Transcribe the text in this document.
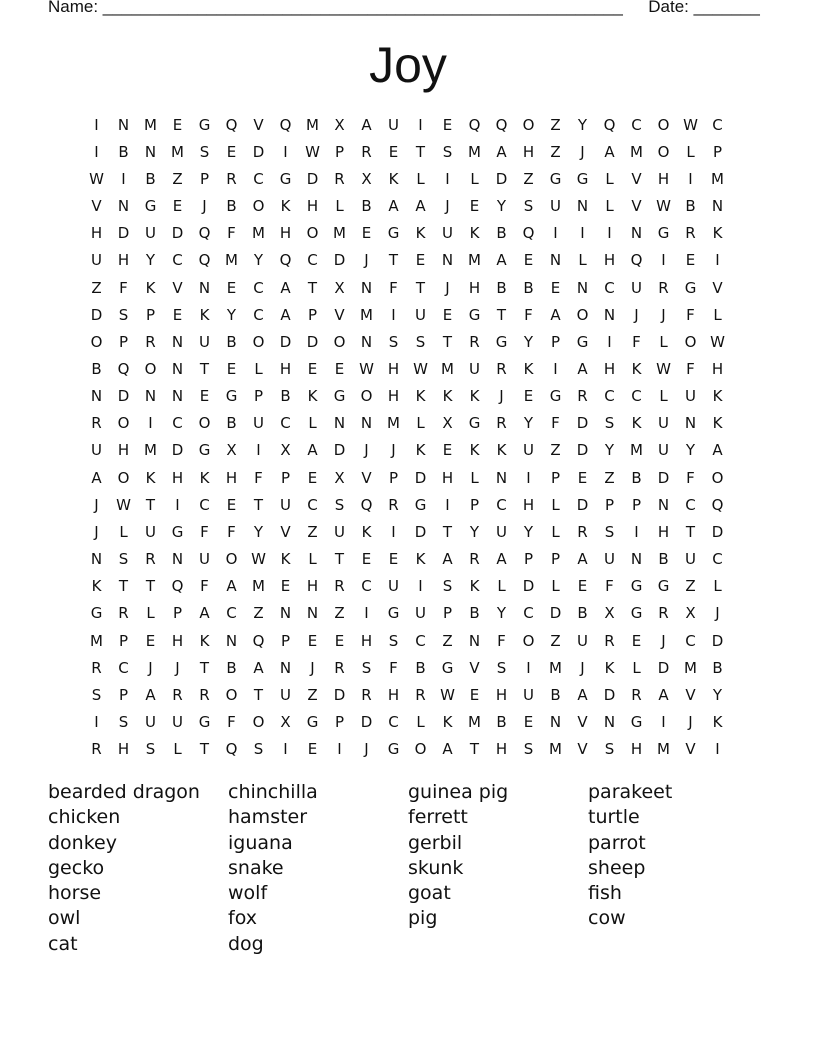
Name: _______________________________________________________ Date: _______
Joy
I	N M	E	G	Q	V	Q M	X	A	U	I	E	Q	Q	O	Z	Y	Q	C	O W C
I	B	N M	S	E	D	I	W	P	R	E	T	S	M	A	H	Z	J	A	M O	L	P
W	I	B	Z	P	R	C	G	D	R	X	K	L	I	L	D	Z	G	G	L	V	H	I	M
V	N	G	E	J	B	O	K	H	L	B	A	A	J	E	Y	S	U	N	L	V W B	N
H	D	U	D	Q	F	M H	O M	E	G	K	U	K	B	Q	I	I	I	N	G	R	K
U	H	Y	C	Q M	Y	Q	C	D	J	T	E	N M	A	E	N	L	H	Q	I	E	I
Z	F	K	V	N	E	C	A	T	X	N	F	T	J	H	B	B	E	N	C	U	R	G	V
D	S	P	E	K	Y	C	A	P	V	M	I	U	E	G	T	F	A	O	N	J	J	F	L
O	P	R	N	U	B	O	D	D	O	N	S	S	T	R	G	Y	P	G	I	F	L	O W
B	Q	O	N	T	E	L	H	E	E W H W M	U	R	K	I	A	H	K W	F	H
N	D	N	N	E	G	P	B	K	G	O	H	K	K	K	J	E	G	R	C	C	L	U	K
R	O	I	C	O	B	U	C	L	N	N M	L	X	G	R	Y	F	D	S	K	U	N	K
U	H M D	G	X	I	X	A	D	J	J	K	E	K	K	U	Z	D	Y	M	U	Y	A
A	O	K	H	K	H	F	P	E	X	V	P	D	H	L	N	I	P	E	Z	B	D	F	O
J	W T	I	C	E	T	U	C	S	Q	R	G	I	P	C	H	L	D	P	P	N	C	Q
J	L	U	G	F	F	Y	V	Z	U	K	I	D	T	Y	U	Y	L	R	S	I	H	T	D
N	S	R	N	U	O W K	L	T	E	E	K	A	R	A	P	P	A	U	N	B	U	C
K	T	T	Q	F	A	M	E	H	R	C	U	I	S	K	L	D	L	E	F	G	G	Z	L
G	R	L	P	A	C	Z	N	N	Z	I	G	U	P	B	Y	C	D	B	X	G	R	X	J
M	P	E	H	K	N	Q	P	E	E	H	S	C	Z	N	F	O	Z	U	R	E	J	C	D
R	C	J	J	T	B	A	N	J	R	S	F	B	G	V	S	I	M	J	K	L	D M	B
S	P	A	R	R	O	T	U	Z	D	R	H	R W E	H	U	B	A	D	R	A	V	Y
I	S	U	U	G	F	O	X	G	P	D	C	L	K	M	B	E	N	V	N	G	I	J	K
R	H	S	L	T	Q	S	I	E	I	J	G	O	A	T	H	S	M	V	S	H M	V	I
bearded dragon	chinchilla	guinea pig	parakeet
chicken	hamster	ferrett	turtle
donkey	iguana	gerbil	parrot
gecko	snake	skunk	sheep
horse	wolf	goat	fish
owl	fox	pig	cow
cat	dog
